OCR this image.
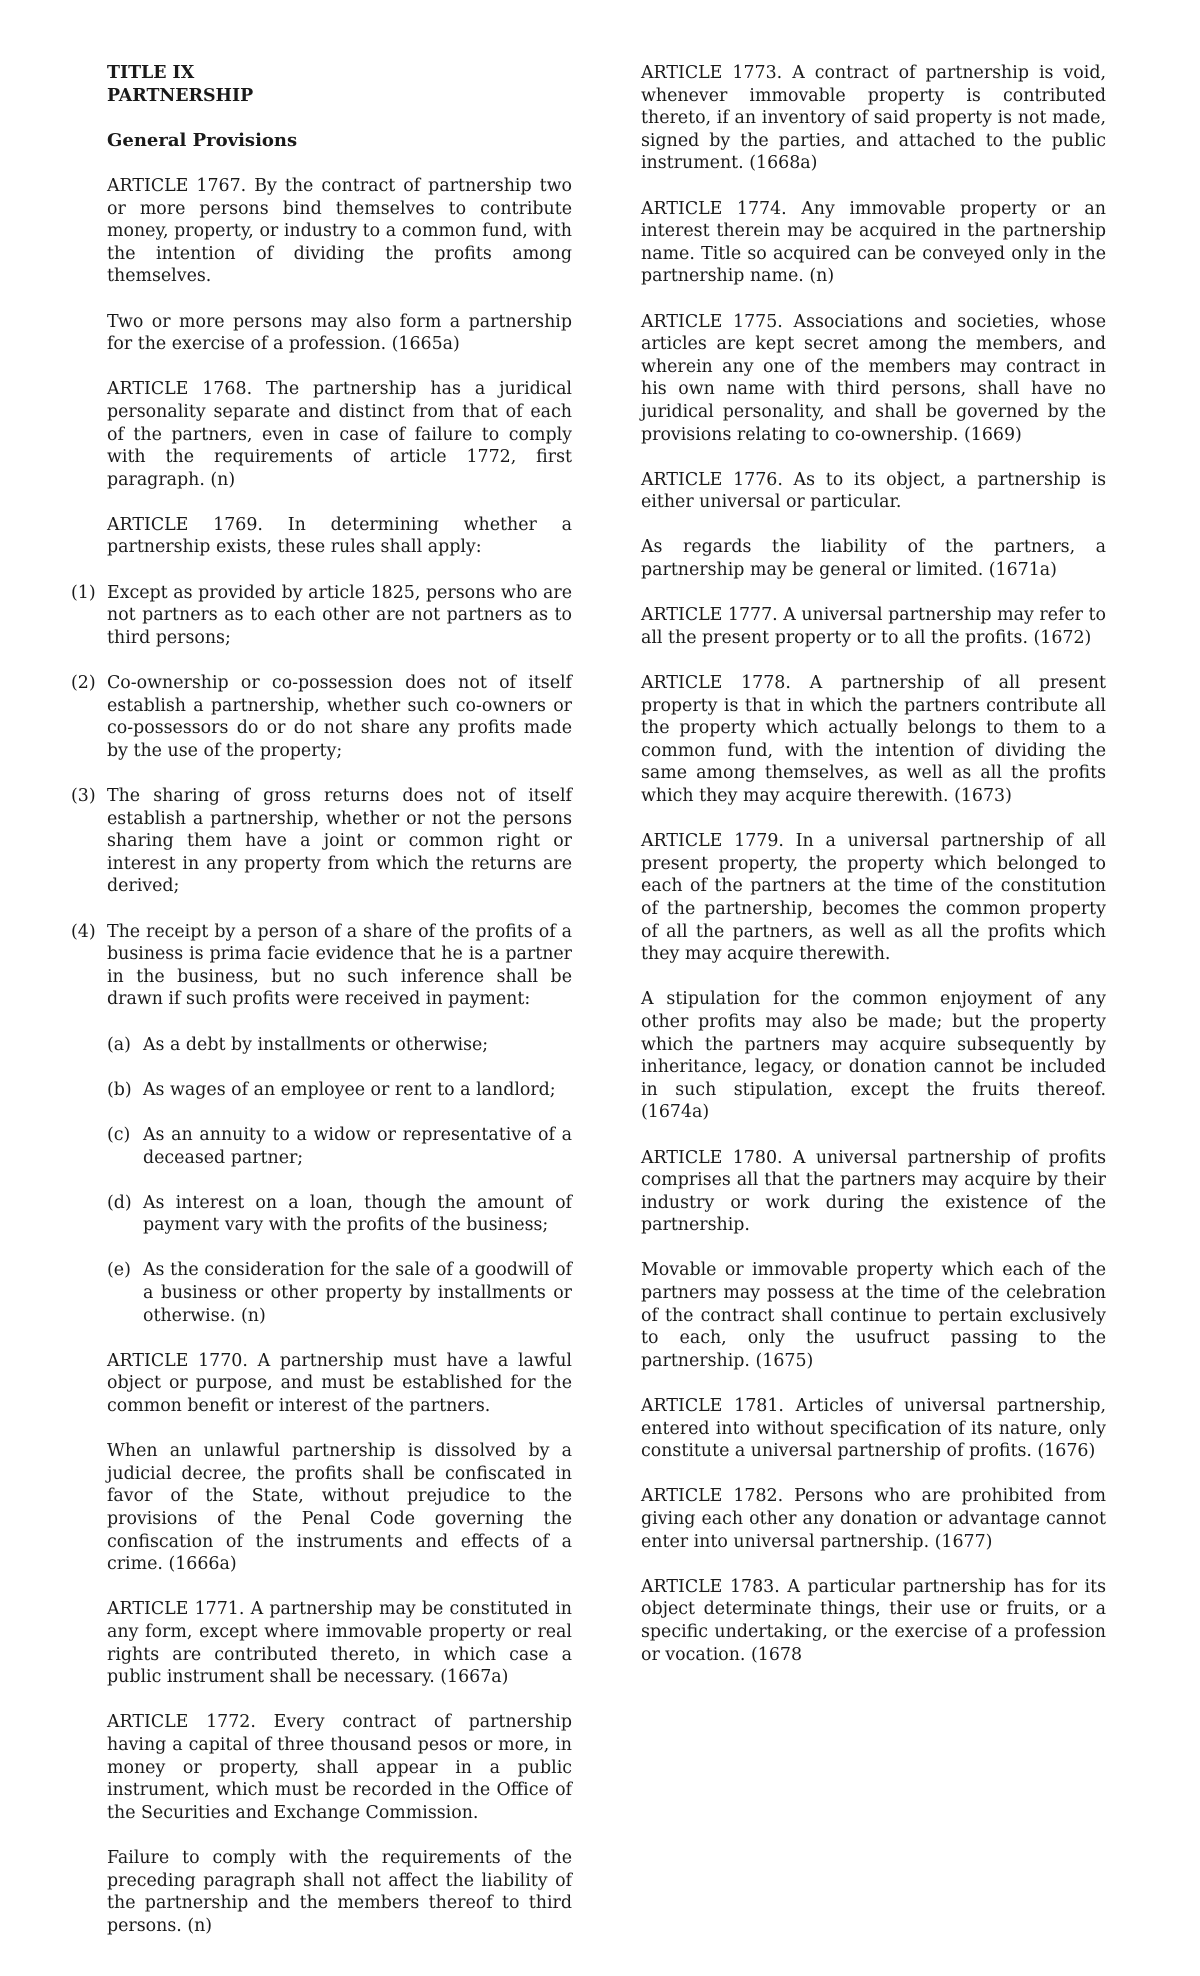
TITLE IX
PARTNERSHIP
General Provisions

ARTICLE 1767. By the contract of partnership two or more persons bind themselves to contribute money, property, or industry to a common fund, with the intention of dividing the profits among themselves.

Two or more persons may also form a partnership for the exercise of a profession. (1665a)

ARTICLE 1768. The partnership has a juridical personality separate and distinct from that of each of the partners, even in case of failure to comply with the requirements of article 1772, first paragraph. (n)

ARTICLE 1769. In determining whether a partnership exists, these rules shall apply:

(1) Except as provided by article 1825, persons who are not partners as to each other are not partners as to third persons;
(2) Co-ownership or co-possession does not of itself establish a partnership, whether such co-owners or co-possessors do or do not share any profits made by the use of the property;
(3) The sharing of gross returns does not of itself establish a partnership, whether or not the persons sharing them have a joint or common right or interest in any property from which the returns are derived;
(4) The receipt by a person of a share of the profits of a business is prima facie evidence that he is a partner in the business, but no such inference shall be drawn if such profits were received in payment:
(a) As a debt by installments or otherwise;
(b) As wages of an employee or rent to a landlord;
(c) As an annuity to a widow or representative of a deceased partner;
(d) As interest on a loan, though the amount of payment vary with the profits of the business;
(e) As the consideration for the sale of a goodwill of a business or other property by installments or otherwise. (n)

ARTICLE 1770. A partnership must have a lawful object or purpose, and must be established for the common benefit or interest of the partners.

When an unlawful partnership is dissolved by a judicial decree, the profits shall be confiscated in favor of the State, without prejudice to the provisions of the Penal Code governing the confiscation of the instruments and effects of a crime. (1666a)

ARTICLE 1771. A partnership may be constituted in any form, except where immovable property or real rights are contributed thereto, in which case a public instrument shall be necessary. (1667a)

ARTICLE 1772. Every contract of partnership having a capital of three thousand pesos or more, in money or property, shall appear in a public instrument, which must be recorded in the Office of the Securities and Exchange Commission.

Failure to comply with the requirements of the preceding paragraph shall not affect the liability of the partnership and the members thereof to third persons. (n)

ARTICLE 1773. A contract of partnership is void, whenever immovable property is contributed thereto, if an inventory of said property is not made, signed by the parties, and attached to the public instrument. (1668a)

ARTICLE 1774. Any immovable property or an interest therein may be acquired in the partnership name. Title so acquired can be conveyed only in the partnership name. (n)

ARTICLE 1775. Associations and societies, whose articles are kept secret among the members, and wherein any one of the members may contract in his own name with third persons, shall have no juridical personality, and shall be governed by the provisions relating to co-ownership. (1669)

ARTICLE 1776. As to its object, a partnership is either universal or particular.

As regards the liability of the partners, a partnership may be general or limited. (1671a)

ARTICLE 1777. A universal partnership may refer to all the present property or to all the profits. (1672)

ARTICLE 1778. A partnership of all present property is that in which the partners contribute all the property which actually belongs to them to a common fund, with the intention of dividing the same among themselves, as well as all the profits which they may acquire therewith. (1673)

ARTICLE 1779. In a universal partnership of all present property, the property which belonged to each of the partners at the time of the constitution of the partnership, becomes the common property of all the partners, as well as all the profits which they may acquire therewith.

A stipulation for the common enjoyment of any other profits may also be made; but the property which the partners may acquire subsequently by inheritance, legacy, or donation cannot be included in such stipulation, except the fruits thereof. (1674a)

ARTICLE 1780. A universal partnership of profits comprises all that the partners may acquire by their industry or work during the existence of the partnership.

Movable or immovable property which each of the partners may possess at the time of the celebration of the contract shall continue to pertain exclusively to each, only the usufruct passing to the partnership. (1675)

ARTICLE 1781. Articles of universal partnership, entered into without specification of its nature, only constitute a universal partnership of profits. (1676)

ARTICLE 1782. Persons who are prohibited from giving each other any donation or advantage cannot enter into universal partnership. (1677)

ARTICLE 1783. A particular partnership has for its object determinate things, their use or fruits, or a specific undertaking, or the exercise of a profession or vocation. (1678
